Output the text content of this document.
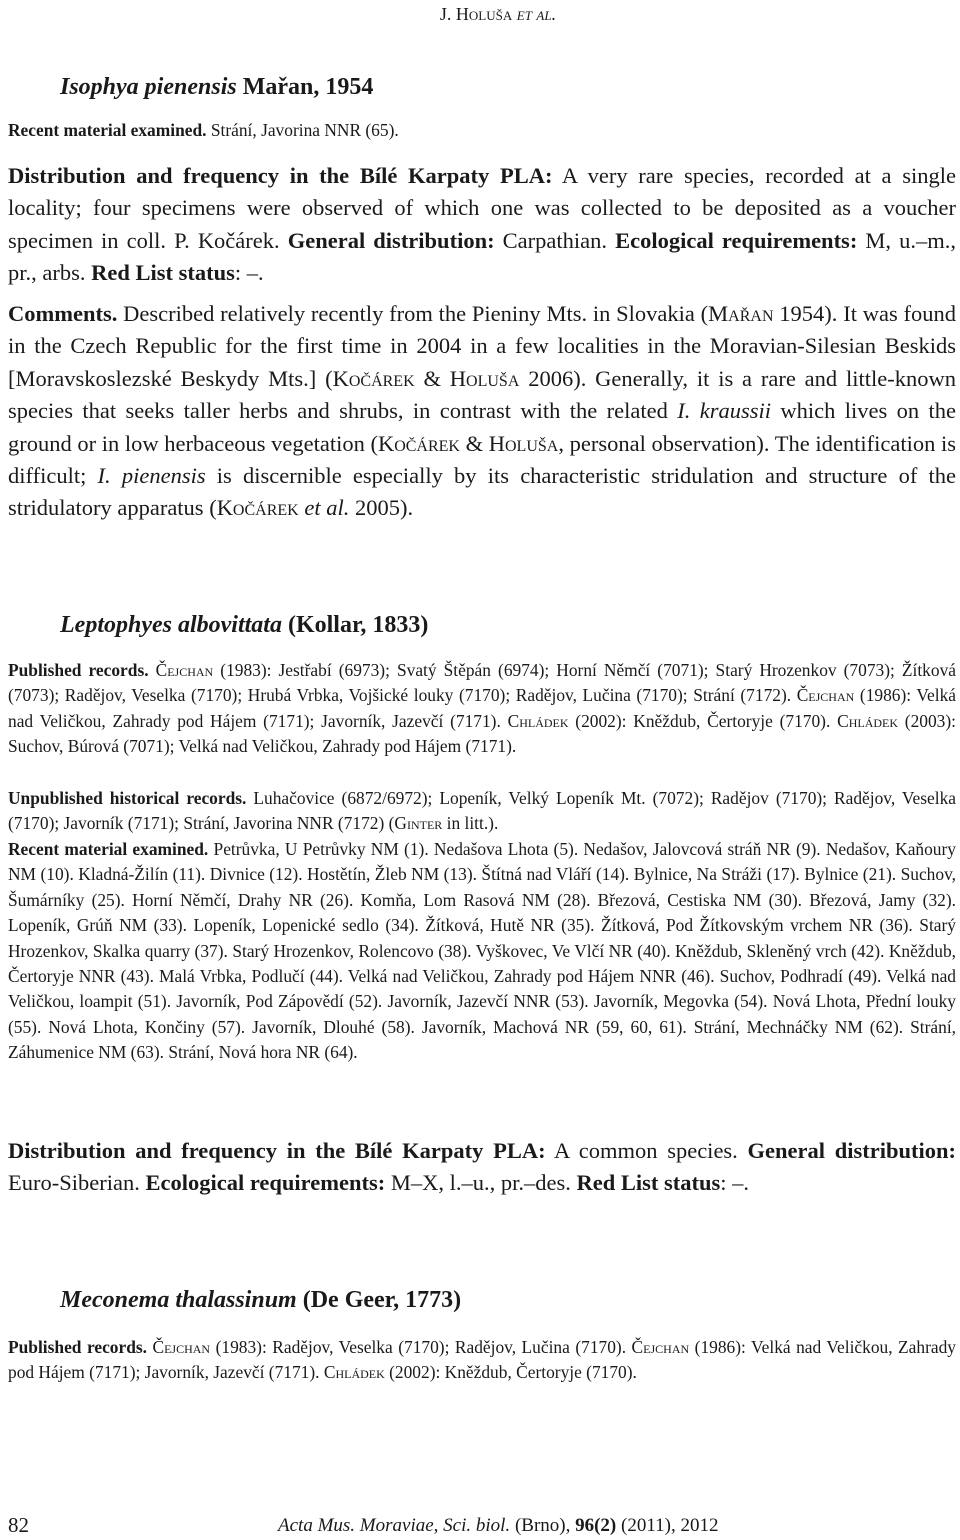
J. Holuša et al.
Isophya pienensis Mařan, 1954
Recent material examined. Strání, Javorina NNR (65).
Distribution and frequency in the Bílé Karpaty PLA: A very rare species, recorded at a single locality; four specimens were observed of which one was collected to be deposited as a voucher specimen in coll. P. Kočárek. General distribution: Carpathian. Ecological requirements: M, u.–m., pr., arbs. Red List status: –.
Comments. Described relatively recently from the Pieniny Mts. in Slovakia (Mařan 1954). It was found in the Czech Republic for the first time in 2004 in a few localities in the Moravian-Silesian Beskids [Moravskoslezské Beskydy Mts.] (Kočárek & Holuša 2006). Generally, it is a rare and little-known species that seeks taller herbs and shrubs, in contrast with the related I. kraussii which lives on the ground or in low herbaceous vegetation (Kočárek & Holuša, personal observation). The identification is difficult; I. pienensis is discernible especially by its characteristic stridulation and structure of the stridulatory apparatus (Kočárek et al. 2005).
Leptophyes albovittata (Kollar, 1833)
Published records. Čejchan (1983): Jestřabí (6973); Svatý Štěpán (6974); Horní Němčí (7071); Starý Hrozenkov (7073); Žítková (7073); Radějov, Veselka (7170); Hrubá Vrbka, Vojšické louky (7170); Radějov, Lučina (7170); Strání (7172). Čejchan (1986): Velká nad Veličkou, Zahrady pod Hájem (7171); Javorník, Jazevčí (7171). Chládek (2002): Kněždub, Čertoryje (7170). Chládek (2003): Suchov, Búrová (7071); Velká nad Veličkou, Zahrady pod Hájem (7171).
Unpublished historical records. Luhačovice (6872/6972); Lopeník, Velký Lopeník Mt. (7072); Radějov (7170); Radějov, Veselka (7170); Javorník (7171); Strání, Javorina NNR (7172) (Ginter in litt.).
Recent material examined. Petrůvka, U Petrůvky NM (1). Nedašova Lhota (5). Nedašov, Jalovcová stráň NR (9). Nedašov, Kaňoury NM (10). Kladná-Žilín (11). Divnice (12). Hostětín, Žleb NM (13). Štítná nad Vláří (14). Bylnice, Na Stráži (17). Bylnice (21). Suchov, Šumárníky (25). Horní Němčí, Drahy NR (26). Komňa, Lom Rasová NM (28). Březová, Cestiska NM (30). Březová, Jamy (32). Lopeník, Grúň NM (33). Lopeník, Lopenické sedlo (34). Žítková, Hutě NR (35). Žítková, Pod Žítkovským vrchem NR (36). Starý Hrozenkov, Skalka quarry (37). Starý Hrozenkov, Rolencovo (38). Vyškovec, Ve Vlčí NR (40). Kněždub, Skleněný vrch (42). Kněždub, Čertoryje NNR (43). Malá Vrbka, Podlučí (44). Velká nad Veličkou, Zahrady pod Hájem NNR (46). Suchov, Podhradí (49). Velká nad Veličkou, loampit (51). Javorník, Pod Zápovědí (52). Javorník, Jazevčí NNR (53). Javorník, Megovka (54). Nová Lhota, Přední louky (55). Nová Lhota, Končiny (57). Javorník, Dlouhé (58). Javorník, Machová NR (59, 60, 61). Strání, Mechnáčky NM (62). Strání, Záhumenice NM (63). Strání, Nová hora NR (64).
Distribution and frequency in the Bílé Karpaty PLA: A common species. General distribution: Euro-Siberian. Ecological requirements: M–X, l.–u., pr.–des. Red List status: –.
Meconema thalassinum (De Geer, 1773)
Published records. Čejchan (1983): Radějov, Veselka (7170); Radějov, Lučina (7170). Čejchan (1986): Velká nad Veličkou, Zahrady pod Hájem (7171); Javorník, Jazevčí (7171). Chládek (2002): Kněždub, Čertoryje (7170).
82	Acta Mus. Moraviae, Sci. biol. (Brno), 96(2) (2011), 2012
